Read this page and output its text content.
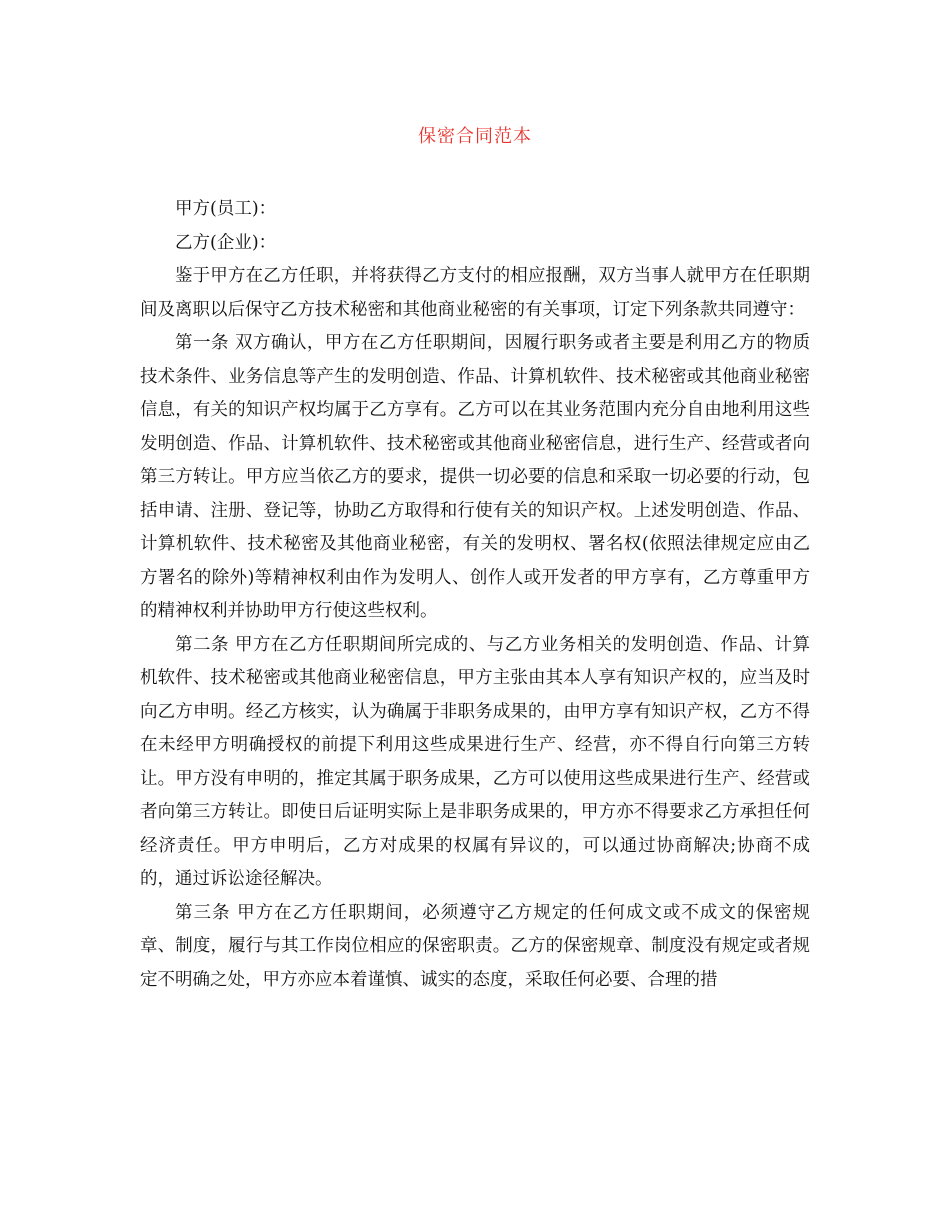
保密合同范本

甲方(员工)：

乙方(企业)：

鉴于甲方在乙方任职，并将获得乙方支付的相应报酬，双方当事人就甲方在任职期间及离职以后保守乙方技术秘密和其他商业秘密的有关事项，订定下列条款共同遵守：

第一条 双方确认，甲方在乙方任职期间，因履行职务或者主要是利用乙方的物质技术条件、业务信息等产生的发明创造、作品、计算机软件、技术秘密或其他商业秘密信息，有关的知识产权均属于乙方享有。乙方可以在其业务范围内充分自由地利用这些发明创造、作品、计算机软件、技术秘密或其他商业秘密信息，进行生产、经营或者向第三方转让。甲方应当依乙方的要求，提供一切必要的信息和采取一切必要的行动，包括申请、注册、登记等，协助乙方取得和行使有关的知识产权。上述发明创造、作品、计算机软件、技术秘密及其他商业秘密，有关的发明权、署名权(依照法律规定应由乙方署名的除外)等精神权利由作为发明人、创作人或开发者的甲方享有，乙方尊重甲方的精神权利并协助甲方行使这些权利。

第二条 甲方在乙方任职期间所完成的、与乙方业务相关的发明创造、作品、计算机软件、技术秘密或其他商业秘密信息，甲方主张由其本人享有知识产权的，应当及时向乙方申明。经乙方核实，认为确属于非职务成果的，由甲方享有知识产权，乙方不得在未经甲方明确授权的前提下利用这些成果进行生产、经营，亦不得自行向第三方转让。甲方没有申明的，推定其属于职务成果，乙方可以使用这些成果进行生产、经营或者向第三方转让。即使日后证明实际上是非职务成果的，甲方亦不得要求乙方承担任何经济责任。甲方申明后，乙方对成果的权属有异议的，可以通过协商解决;协商不成的，通过诉讼途径解决。

第三条 甲方在乙方任职期间，必须遵守乙方规定的任何成文或不成文的保密规章、制度，履行与其工作岗位相应的保密职责。乙方的保密规章、制度没有规定或者规定不明确之处，甲方亦应本着谨慎、诚实的态度，采取任何必要、合理的措
